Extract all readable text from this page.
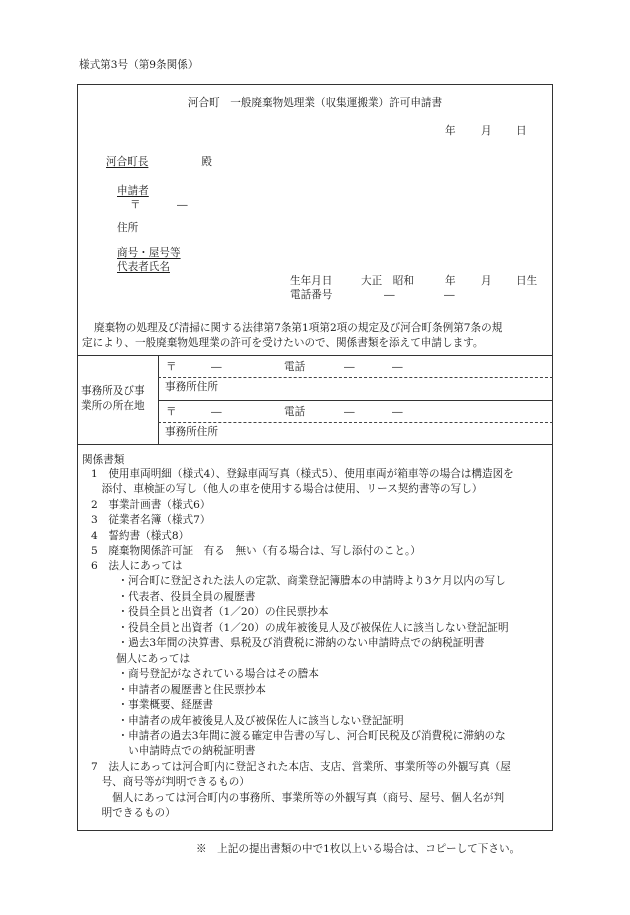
様式第3号（第9条関係）
河合町　一般廃棄物処理業（収集運搬業）許可申請書
年 月 日
河合町長	殿
申請者
〒	―
住所
商号・屋号等
代表者氏名
生年月日	大正　昭和	年 月 日生
電話番号	―	―
廃棄物の処理及び清掃に関する法律第7条第1項第2項の規定及び河合町条例第7条の規
定により、一般廃棄物処理業の許可を受けたいので、関係書類を添えて申請します。
事務所及び事
業所の所在地
〒	―	電話	―	―
事務所住所
〒	―	電話	―	―
事務所住所
関係書類
1　使用車両明細（様式4）、登録車両写真（様式5）、使用車両が箱車等の場合は構造図を
　添付、車検証の写し（他人の車を使用する場合は使用、リース契約書等の写し）
2　事業計画書（様式6）
3　従業者名簿（様式7）
4　誓約書（様式8）
5　廃棄物関係許可証　有る　無い（有る場合は、写し添付のこと。）
6　法人にあっては
　・河合町に登記された法人の定款、商業登記簿謄本の申請時より3ケ月以内の写し
　・代表者、役員全員の履歴書
　・役員全員と出資者（1／20）の住民票抄本
　・役員全員と出資者（1／20）の成年被後見人及び被保佐人に該当しない登記証明
　・過去3年間の決算書、県税及び消費税に滞納のない申請時点での納税証明書
個人にあっては
　・商号登記がなされている場合はその謄本
　・申請者の履歴書と住民票抄本
　・事業概要、経歴書
　・申請者の成年被後見人及び被保佐人に該当しない登記証明
　・申請者の過去3年間に渡る確定申告書の写し、河合町民税及び消費税に滞納のな
　　い申請時点での納税証明書
7　法人にあっては河合町内に登記された本店、支店、営業所、事業所等の外観写真（屋
　号、商号等が判明できるもの）
　　個人にあっては河合町内の事務所、事業所等の外観写真（商号、屋号、個人名が判
　明できるもの）
※　上記の提出書類の中で1枚以上いる場合は、コピーして下さい。
